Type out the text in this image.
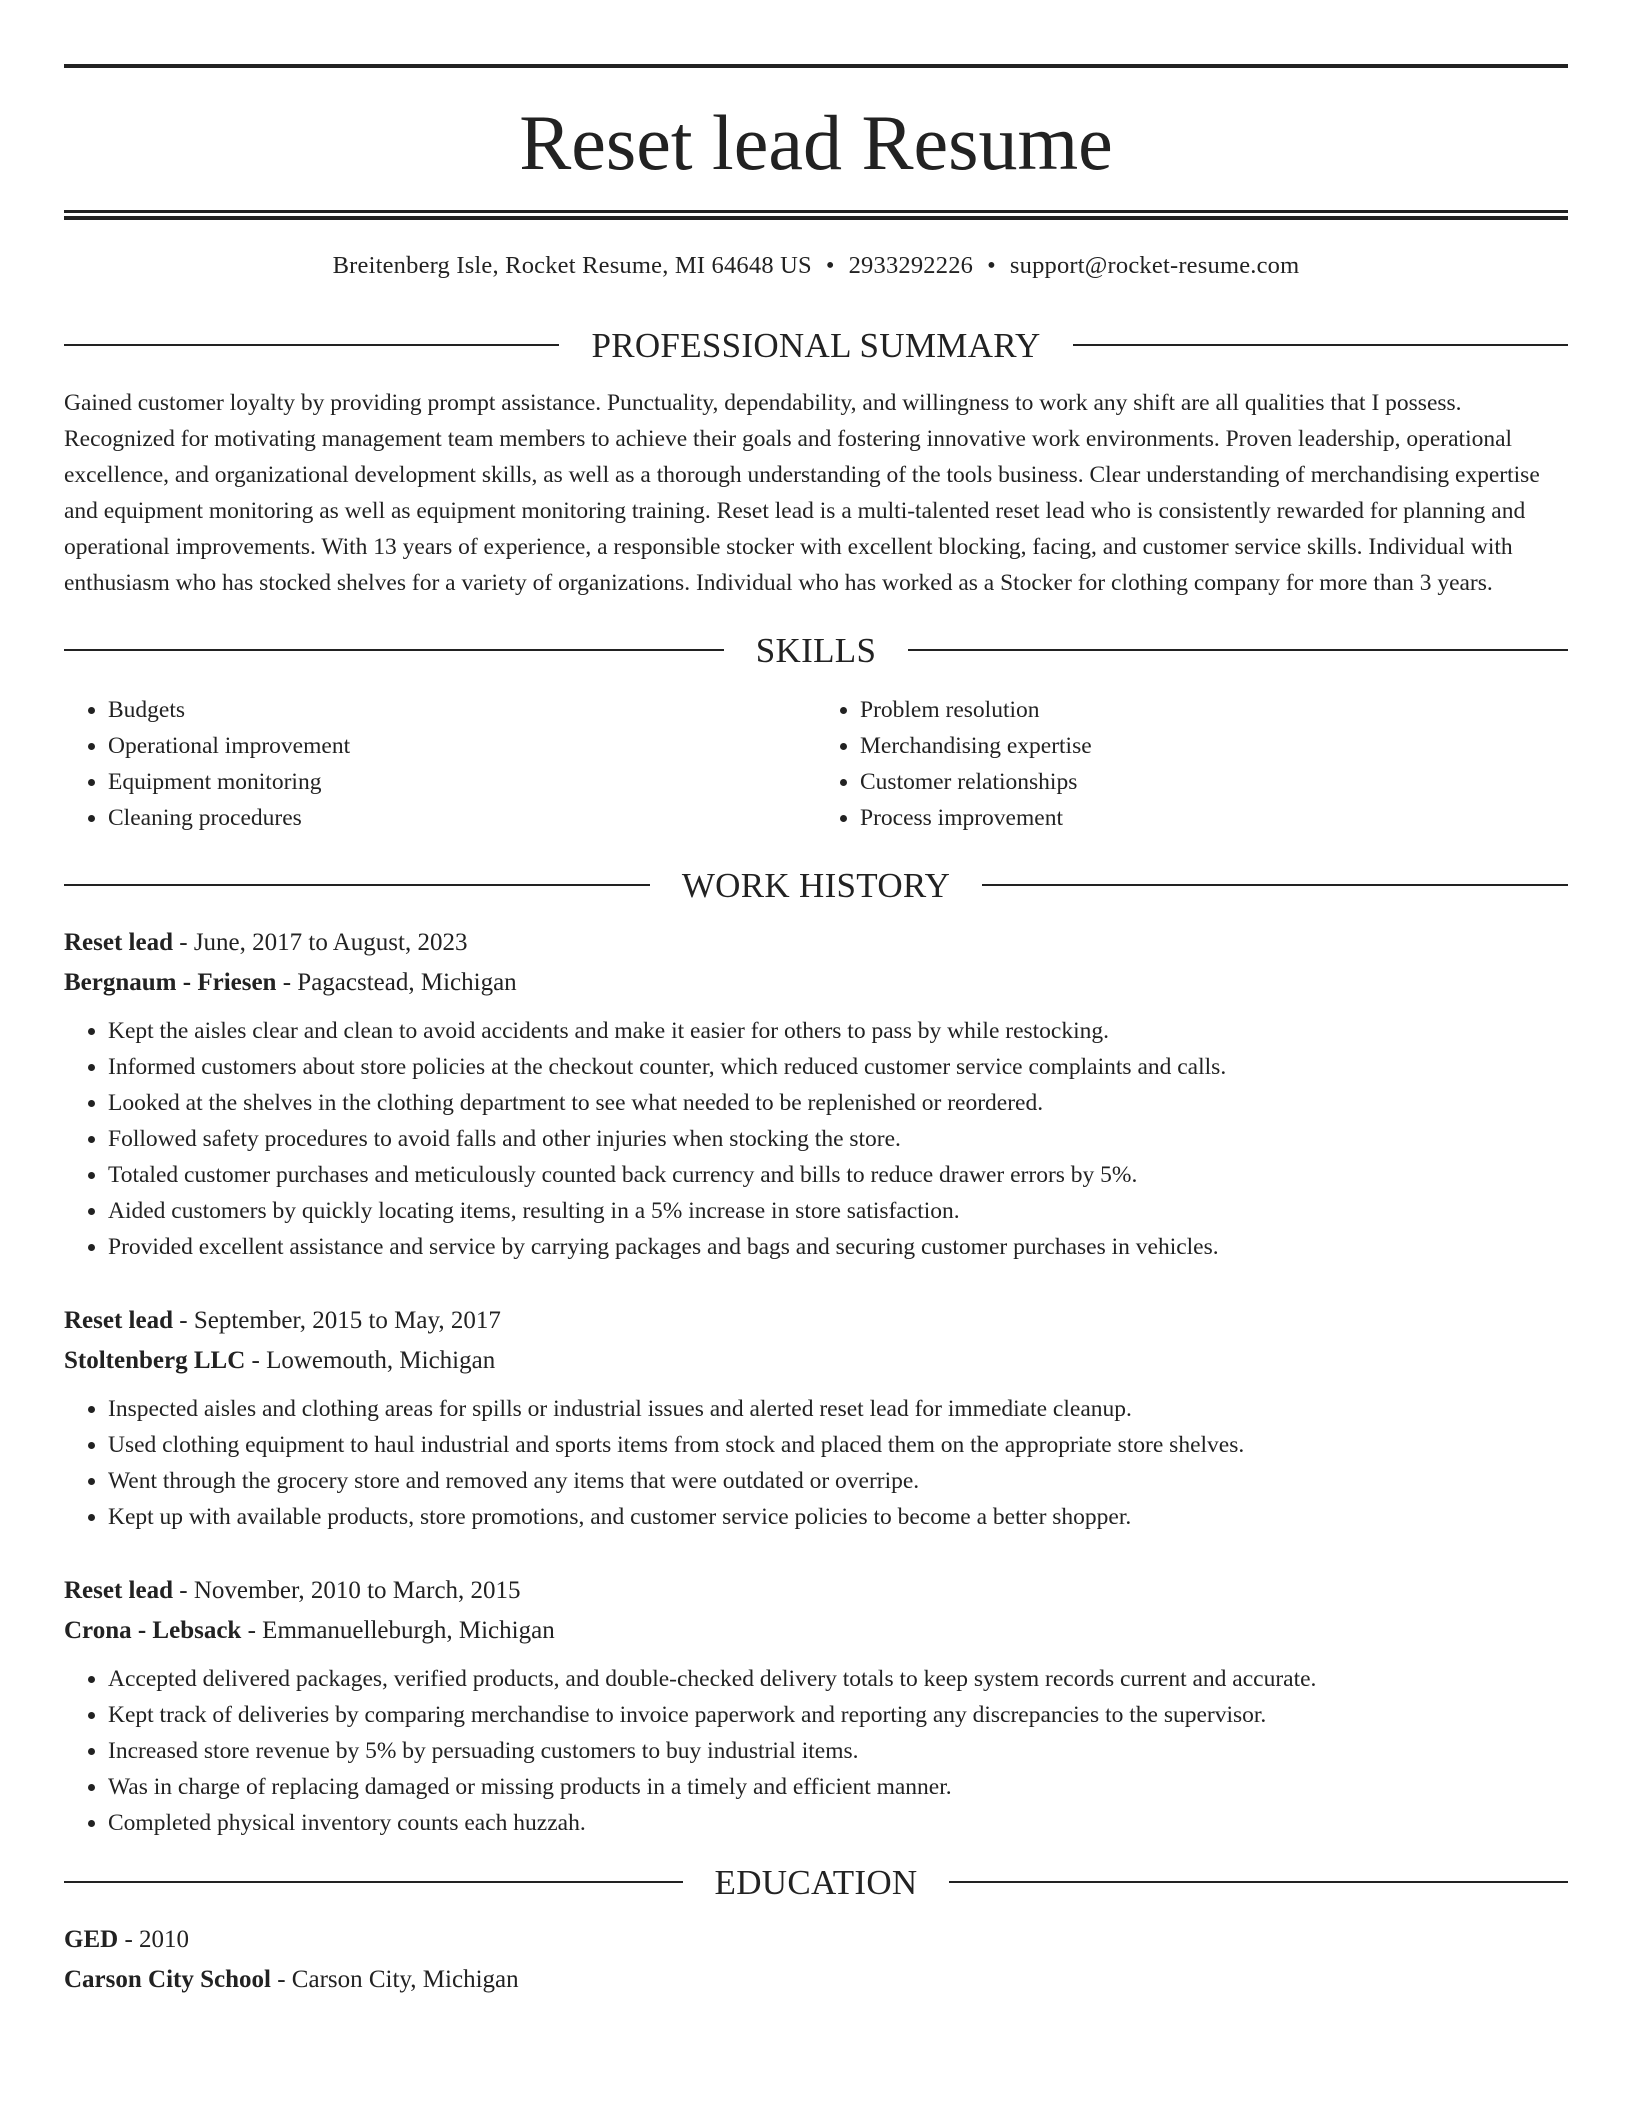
Reset lead Resume
Breitenberg Isle, Rocket Resume, MI 64648 US • 2933292226 • support@rocket-resume.com
PROFESSIONAL SUMMARY

Gained customer loyalty by providing prompt assistance. Punctuality, dependability, and willingness to work any shift are all qualities that I possess. Recognized for motivating management team members to achieve their goals and fostering innovative work environments. Proven leadership, operational excellence, and organizational development skills, as well as a thorough understanding of the tools business. Clear understanding of merchandising expertise and equipment monitoring as well as equipment monitoring training. Reset lead is a multi-talented reset lead who is consistently rewarded for planning and operational improvements. With 13 years of experience, a responsible stocker with excellent blocking, facing, and customer service skills. Individual with enthusiasm who has stocked shelves for a variety of organizations. Individual who has worked as a Stocker for clothing company for more than 3 years.

SKILLS
• Budgets
• Operational improvement
• Equipment monitoring
• Cleaning procedures
• Problem resolution
• Merchandising expertise
• Customer relationships
• Process improvement
WORK HISTORY
Reset lead - June, 2017 to August, 2023
Bergnaum - Friesen - Pagacstead, Michigan
• Kept the aisles clear and clean to avoid accidents and make it easier for others to pass by while restocking.
• Informed customers about store policies at the checkout counter, which reduced customer service complaints and calls.
• Looked at the shelves in the clothing department to see what needed to be replenished or reordered.
• Followed safety procedures to avoid falls and other injuries when stocking the store.
• Totaled customer purchases and meticulously counted back currency and bills to reduce drawer errors by 5%.
• Aided customers by quickly locating items, resulting in a 5% increase in store satisfaction.
• Provided excellent assistance and service by carrying packages and bags and securing customer purchases in vehicles.
Reset lead - September, 2015 to May, 2017
Stoltenberg LLC - Lowemouth, Michigan
• Inspected aisles and clothing areas for spills or industrial issues and alerted reset lead for immediate cleanup.
• Used clothing equipment to haul industrial and sports items from stock and placed them on the appropriate store shelves.
• Went through the grocery store and removed any items that were outdated or overripe.
• Kept up with available products, store promotions, and customer service policies to become a better shopper.
Reset lead - November, 2010 to March, 2015
Crona - Lebsack - Emmanuelleburgh, Michigan
• Accepted delivered packages, verified products, and double-checked delivery totals to keep system records current and accurate.
• Kept track of deliveries by comparing merchandise to invoice paperwork and reporting any discrepancies to the supervisor.
• Increased store revenue by 5% by persuading customers to buy industrial items.
• Was in charge of replacing damaged or missing products in a timely and efficient manner.
• Completed physical inventory counts each huzzah.
EDUCATION
GED - 2010
Carson City School - Carson City, Michigan
